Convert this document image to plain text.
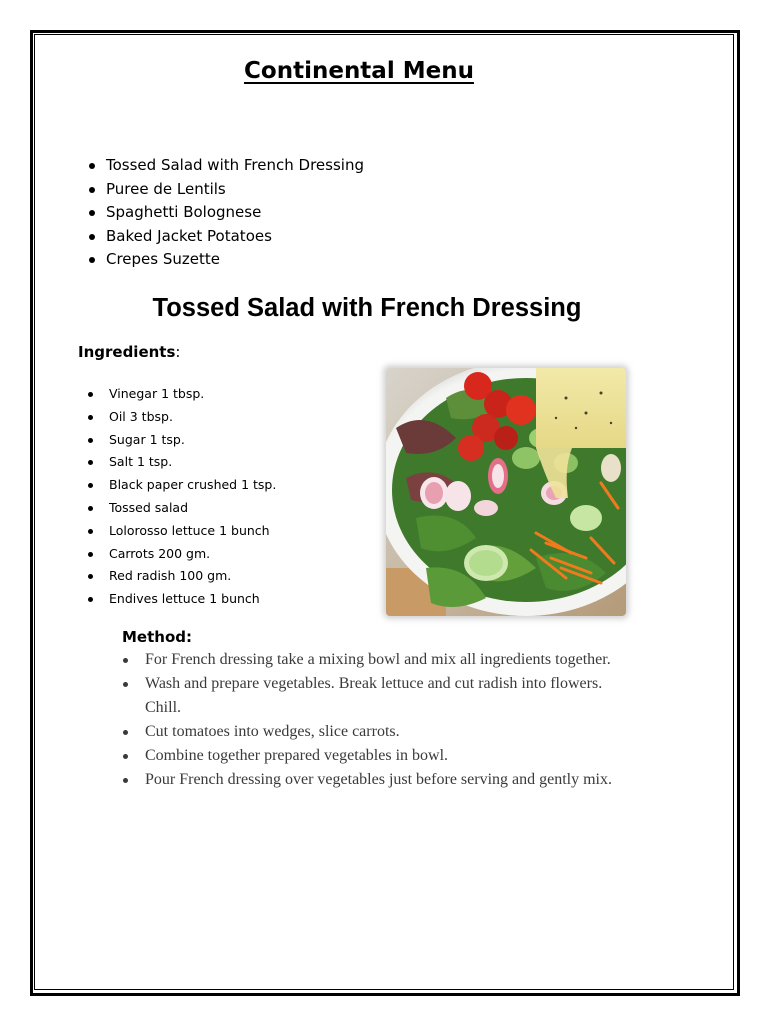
Continental Menu
Tossed Salad with French Dressing
Puree de Lentils
Spaghetti Bolognese
Baked Jacket Potatoes
Crepes Suzette
Tossed Salad with French Dressing
Ingredients:
Vinegar 1 tbsp.
Oil 3 tbsp.
Sugar 1 tsp.
Salt 1 tsp.
Black paper crushed 1 tsp.
Tossed salad
Lolorosso lettuce 1 bunch
Carrots 200 gm.
Red radish 100 gm.
Endives lettuce 1 bunch
Method:
For French dressing take a mixing bowl and mix all ingredients together.
Wash and prepare vegetables. Break lettuce and cut radish into flowers. Chill.
Cut tomatoes into wedges, slice carrots.
Combine together prepared vegetables in bowl.
Pour French dressing over vegetables just before serving and gently mix.
